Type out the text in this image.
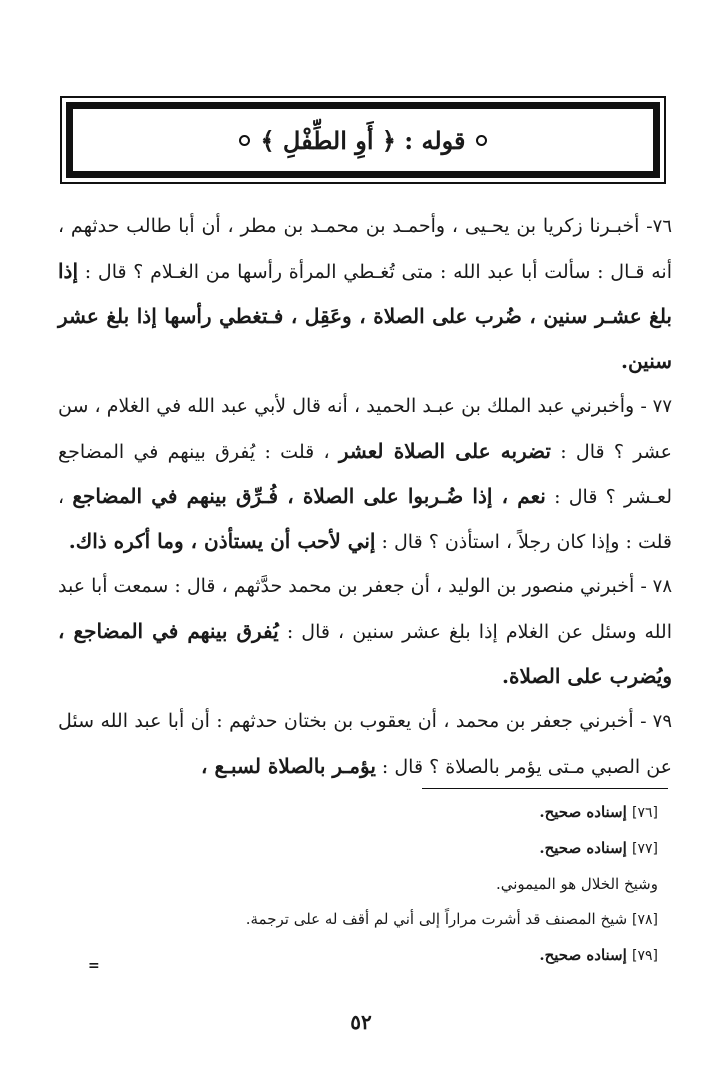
قوله : ﴿ أَوِ الطِّفْلِ ﴾

٧٦- أخبـرنا زكريا بن يحـيى ، وأحمـد بن محمـد بن مطر ، أن أبا طالب حدثهم ، أنه قـال : سألت أبا عبد الله : متى تُغـطي المرأة رأسها من الغـلام ؟ قال : إذا بلغ عشـر سنين ، ضُرب على الصلاة ، وعَقِل ، فـتغطي رأسها إذا بلغ عشر سنين.

٧٧ - وأخبرني عبد الملك بن عبـد الحميد ، أنه قال لأبي عبد الله في الغلام ، سن عشر ؟ قال : تضربه على الصلاة لعشر ، قلت : يُفرق بينهم في المضاجع لعـشر ؟ قال : نعم ، إذا ضُـربوا على الصلاة ، فُـرِّق بينهم في المضاجع ، قلت : وإذا كان رجلاً ، استأذن ؟ قال : إني لأحب أن يستأذن ، وما أكره ذاك.

٧٨ - أخبرني منصور بن الوليد ، أن جعفر بن محمد حدَّثهم ، قال : سمعت أبا عبد الله وسئل عن الغلام إذا بلغ عشر سنين ، قال : يُفرق بينهم في المضاجع ، ويُضرب على الصلاة.

٧٩ - أخبرني جعفر بن محمد ، أن يعقوب بن بختان حدثهم : أن أبا عبد الله سئل عن الصبي مـتى يؤمر بالصلاة ؟ قال : يؤمـر بالصلاة لسبـع ،

[٧٦] إسناده صحيح.

[٧٧] إسناده صحيح.

وشيخ الخلال هو الميموني.

[٧٨] شيخ المصنف قد أشرت مراراً إلى أني لم أقف له على ترجمة.

[٧٩] إسناده صحيح.

=
٥٢
